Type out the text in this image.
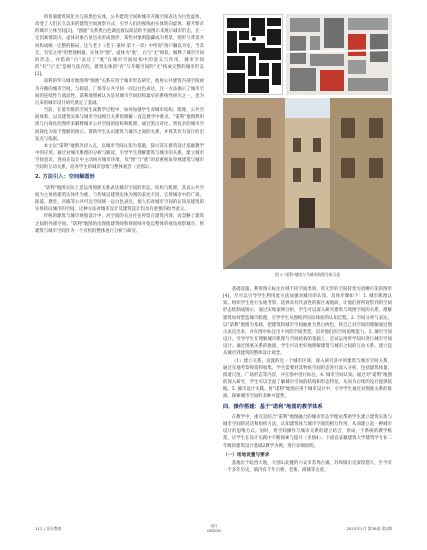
将普通建筑简化为匀质黑色实体，公共建筑空间和城市开敞空间表达为白色虚体，改变了人们长久以来的建筑空间观察方式，引导人们的视线由实体转向虚体，避开繁杂的城市立体空间[1]，"图底"关系黑白色调直接以简洁的平面图示来展示城市形态，在一定因素情景内，虚体对象凸显出来形成图形，某些对象则隐藏成为背景，图形与背景共同构成统一完整的格局，这与老子《老子·道经·第十一章》中所说"凿户牖以为室，当其无，有室之用"的哲理相通，实体为"图"，虚体为"底"，白与"无"相似，解释了城市空间的形态，并借助"白"表达了"底"在城市空间结构中的意义与作用，城市空间的"有"与"无"是相互依存的，建筑实体的"有"与开敞空间的"无"构成完整的城市形态[2]。

诺利的罗马城市地图将"图底"关系应用于城市形态研究，他将公共建筑内部空间视为开敞的城市空间，与街道、广场等公共空间一同以白色表达，这一方法揭示了城市空间的连续性与流动性，诺利地图被认为是对城市空间结构最早的系统性研究之一，也为后来的城市设计研究奠定了基础。

当前，在低年级的空间生成教学过程中，如何加强学生对城市结构、肌理、公共空间体系、以及建筑实体与城市空间相互关系的理解一直是教学中难点。"诺利"地图利用黑与白简化的图形来解释城市公共空间的结构和肌理，通过黑白对比，将复杂的城市空间简化为易于理解的图示，帮助学生认识建筑与城市之间的关系，并将其作为设计的出发点与依据。

本文以"诺利"地图为切入点，以城市空间认知为基础，探讨其在建筑设计基础教学中的应用。通过对城市肌理的分析与解读，引导学生理解建筑与城市的关系，建立城市空间意识，进而在设计中主动回应城市环境，从"图"与"底"的双重视角审视建筑与城市空间的互动关系，培养学生的城市思维与整体观念（见图2）。

2. 方法引入：空间解图形

"诺利"地图实际上是运用图底关系表达城市空间的形态、结构与肌理，其以公共空间为主体将建筑实体作为底，与传统以建筑实体为图的表达不同，它将城市中的广场、街道、教堂、宫殿等公共可达空间统一以白色表达，使人们对城市空间的认知从建筑的实体转向城市的空间。这种方法对城市设计及建筑设计均具有重要的指导意义。

传统的建筑与城市规划设计中，对空间的关注往往停留在建筑内部，而忽略了建筑之间的外部空间。"诺利"地图的出现使建筑师和规划师开始以整体的视角观察城市，将建筑与城市空间作为一个有机的整体进行分析与研究。

图 1 "诺利"地图与马城市肌理分析示意

基础设施。利用图示标注区域不同空间类别，将无形的空间转变为清晰可见的图形[4]，尽可以引导学生利用此方法加强对城市的认知，具体步骤如下：1. 城市肌理认知。组织学生进行实地考察，选择具有代表性的街区或地段，让他们将所观察到的空间形态绘制成图示，通过实地案例分析，学生可以深入研究建筑与周围空间的关系，理解建筑如何塑造城市肌理，引导学生从图纸到实际体验的认知过程。2. 空间分析与表达。以"诺利"地图为基础，把建筑和城市空间抽象为黑白两色，将自己对空间的理解通过图示表达出来，并在图中标注出不同的空间类型，培养他们的空间思维能力。3. 城市空间设计。引导学生在理解城市肌理与空间结构的基础上，尝试运用所学知识进行城市空间设计。通过图底关系的推演，学生可以更好地理解建筑与城市之间的互动关系，建立起从城市到建筑的整体设计观念。

（1）建立关系。设置的这一个城市区域，深入研究其中的建筑与城市空间关系，通过实地考察和资料收集，学生需要对其物质空间形态进行深入分析，包括建筑体量、街道尺度、广场形态等内容，并在图中进行标注。4. 城市空间认知。通过对"诺利"地图的深入研究，学生可以全面了解城市空间的结构和形态特征，从而为后续的设计提供依据。5. 城市设计实践。将"诺利"地图应用于城市设计中，引导学生通过对图底关系的推演，探索城市空间的多种可能性。

四、操作搭建：基于"诺利"地图的教学体系

在教学中，重点是结合"诺利"地图融合的城市形态学理论帮助学生建立建筑实体与城市空间的对话和组织方法，认知建筑体与城市空间的相互作用，从而建立起一种城市设计的思维方式。同时，将空间操作与城市关系的建立结合，形成一个系统的教学框架，让学生在设计实践中不断探索与提升（见图4）。下面以安徽建筑大学建筑学专业二年级的建筑设计基础2教学为例，进行详细说明。

（一）场地设置与要求

基地位于皖西大地，大别山北麓的六安市苏埠古镇。苏埠镇历史深厚悠久，至今有一千多年历史，镇内有千年古桥、老街、商铺等古迹。

112 | 设计教育	设计
DESIGN	2025年1月 第38卷 第2期
